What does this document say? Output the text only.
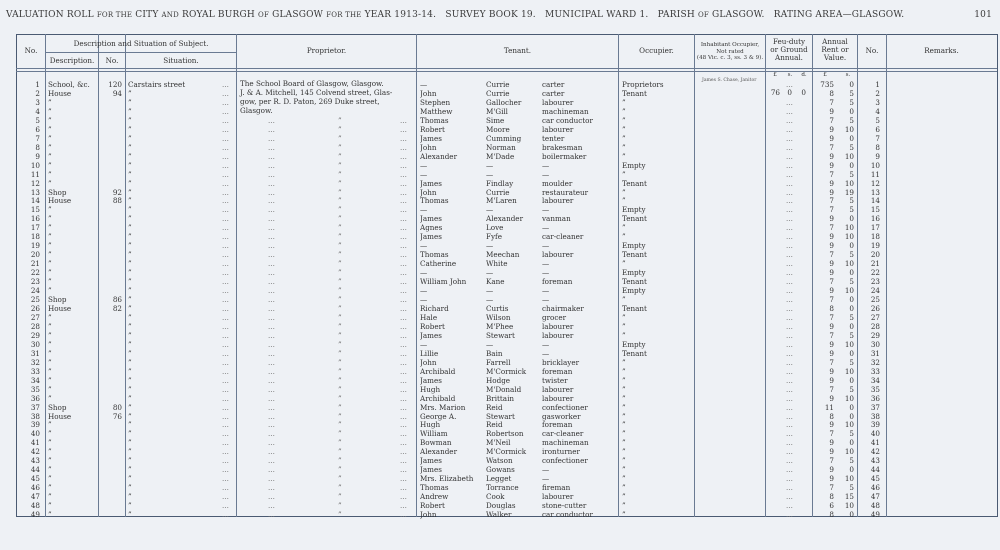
VALUATION ROLL FOR THE CITY AND ROYAL BURGH OF GLASGOW FOR THE YEAR 1913-14. SURVEY BOOK 19. MUNICIPAL WARD 1. PARISH OF GLASGOW. RATING AREA—GLASGOW.	101
No.
Description and Situation of Subject.
Description.	No.	Situation.
Proprietor.	Tenant.	Occupier.
Inhabitant Occupier,
Not rated
(48 Vic. c. 3, ss. 3 & 9).
Feu-duty
or Ground
Annual.
Annual
Rent or
Value.
No.	Remarks.
£	s.	d.	£	s.
The School Board of Glasgow, Glasgow.
J. & A. Mitchell, 145 Colvend street, Glas-
gow, per R. D. Paton, 269 Duke street,
Glasgow.
James S. Chase, Janitor
76	0	0
1 School, &c.	120 Carstairs street	—	Currie	carter	Proprietors	735	0	1
...	...
2 House	94 ”	John	Currie	carter	Tenant	8	5	2
...
3 ”	”	Stephen	Gallocher	labourer	”	7	5	3
...	...
4 ”	”	Matthew	M'Gill	machineman	”	9	0	4
...	...
5 ”	”	Thomas	Sime	car conductor	”	7	5	5
...	...	”	...	...
6 ”	”	Robert	Moore	labourer	”	9	10	6
...	...	”	...	...
7 ”	”	James	Cumming	tenter	”	9	0	7
...	...	”	...	...
8 ”	”	John	Norman	brakesman	”	7	5	8
...	...	”	...	...
9 ”	”	Alexander	M'Dade	boilermaker	”	9	10	9
...	...	”	...	...
10 ”	”	—	—	—	Empty	9	0	10
...	...	”	...	...
11 ”	”	—	—	—	”	7	5	11
...	...	”	...	...
12 ”	”	James	Findlay	moulder	Tenant	9	10	12
...	...	”	...	...
13 Shop	92 ”	John	Currie	restaurateur	”	9	19	13
...	...	”	...	...
14 House	88 ”	Thomas	M'Laren	labourer	”	7	5	14
...	...	”	...	...
15 ”	”	—	—	—	Empty	7	5	15
...	...	”	...	...
16 ”	”	James	Alexander	vanman	Tenant	9	0	16
...	...	”	...	...
17 ”	”	Agnes	Love	—	”	7	10	17
...	...	”	...	...
18 ”	”	James	Fyfe	car-cleaner	”	9	10	18
...	...	”	...	...
19 ”	”	—	—	—	Empty	9	0	19
...	...	”	...	...
20 ”	”	Thomas	Meechan	labourer	Tenant	7	5	20
...	...	”	...	...
21 ”	”	Catherine	White	—	”	9	10	21
...	...	”	...	...
22 ”	”	—	—	—	Empty	9	0	22
...	...	”	...	...
23 ”	”	William John	Kane	foreman	Tenant	7	5	23
...	...	”	...	...
24 ”	”	—	—	—	Empty	9	10	24
...	...	”	...	...
25 Shop	86 ”	—	—	—	”	7	0	25
...	...	”	...	...
26 House	82 ”	Richard	Curtis	chairmaker	Tenant	8	0	26
...	...	”	...	...
27 ”	”	Hale	Wilson	grocer	”	7	5	27
...	...	”	...	...
28 ”	”	Robert	M'Phee	labourer	”	9	0	28
...	...	”	...	...
29 ”	”	James	Stewart	labourer	”	7	5	29
...	...	”	...	...
30 ”	”	—	—	—	Empty	9	10	30
...	...	”	...	...
31 ”	”	Lillie	Bain	—	Tenant	9	0	31
...	...	”	...	...
32 ”	”	John	Farrell	bricklayer	”	7	5	32
...	...	”	...	...
33 ”	”	Archibald	M'Cormick	foreman	”	9	10	33
...	...	”	...	...
34 ”	”	James	Hodge	twister	”	9	0	34
...	...	”	...	...
35 ”	”	Hugh	M'Donald	labourer	”	7	5	35
...	...	”	...	...
36 ”	”	Archibald	Brittain	labourer	”	9	10	36
...	...	”	...	...
37 Shop	80 ”	Mrs. Marion	Reid	confectioner	”	11	0	37
...	...	”	...	...
38 House	76 ”	George A.	Stewart	gasworker	”	8	0	38
...	...	”	...	...
39 ”	”	Hugh	Reid	foreman	”	9	10	39
...	...	”	...	...
40 ”	”	William	Robertson	car-cleaner	”	7	5	40
...	...	”	...	...
41 ”	”	Bowman	M'Neil	machineman	”	9	0	41
...	...	”	...	...
42 ”	”	Alexander	M'Cormick	ironturner	”	9	10	42
...	...	”	...	...
43 ”	”	James	Watson	confectioner	”	7	5	43
...	...	”	...	...
44 ”	”	James	Gowans	—	”	9	0	44
...	...	”	...	...
45 ”	”	Mrs. Elizabeth	Legget	—	”	9	10	45
...	...	”	...	...
46 ”	”	Thomas	Torrance	fireman	”	7	5	46
...	...	”	...	...
47 ”	”	Andrew	Cook	labourer	”	8	15	47
...	...	”	...	...
48 ”	”	Robert	Douglas	stone-cutter	”	6	10	48
...	...	”	...	...
49 ”	”	John	Walker	car conductor	”	8	0	49
...	...	”	...	...
